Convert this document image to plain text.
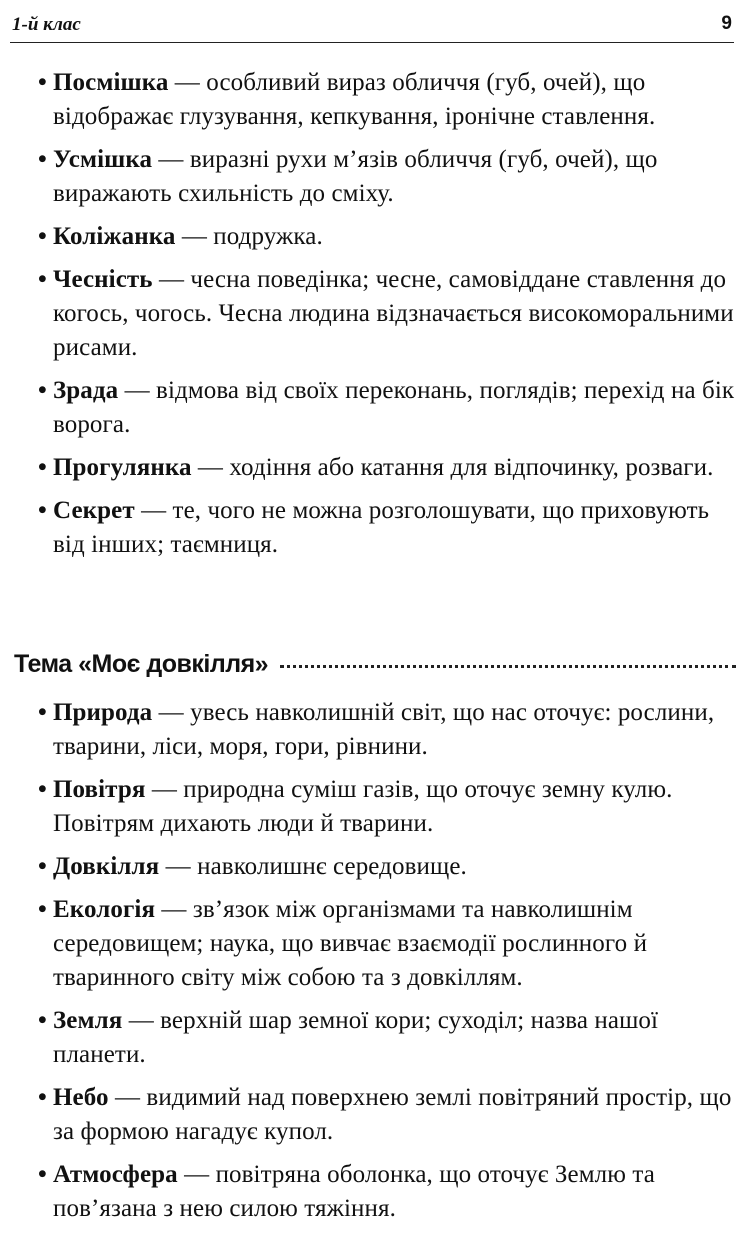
1-й клас	9
• Посмішка — особливий вираз обличчя (губ, очей), що відображає глузування, кепкування, іронічне ставлення.
• Усмішка — виразні рухи м’язів обличчя (губ, очей), що виражають схильність до сміху.
• Коліжанка — подружка.
• Чесність — чесна поведінка; чесне, самовіддане ставлення до когось, чогось. Чесна людина відзначається високоморальними рисами.
• Зрада — відмова від своїх переконань, поглядів; перехід на бік ворога.
• Прогулянка — ходіння або катання для відпочинку, розваги.
• Секрет — те, чого не можна розголошувати, що приховують від інших; таємниця.
Тема «Моє довкілля»
• Природа — увесь навколишній світ, що нас оточує: рослини, тварини, ліси, моря, гори, рівнини.
• Повітря — природна суміш газів, що оточує земну кулю. Повітрям дихають люди й тварини.
• Довкілля — навколишнє середовище.
• Екологія — зв’язок між організмами та навколишнім середовищем; наука, що вивчає взаємодії рослинного й тваринного світу між собою та з довкіллям.
• Земля — верхній шар земної кори; суходіл; назва нашої планети.
• Небо — видимий над поверхнею землі повітряний простір, що за формою нагадує купол.
• Атмосфера — повітряна оболонка, що оточує Землю та пов’язана з нею силою тяжіння.
